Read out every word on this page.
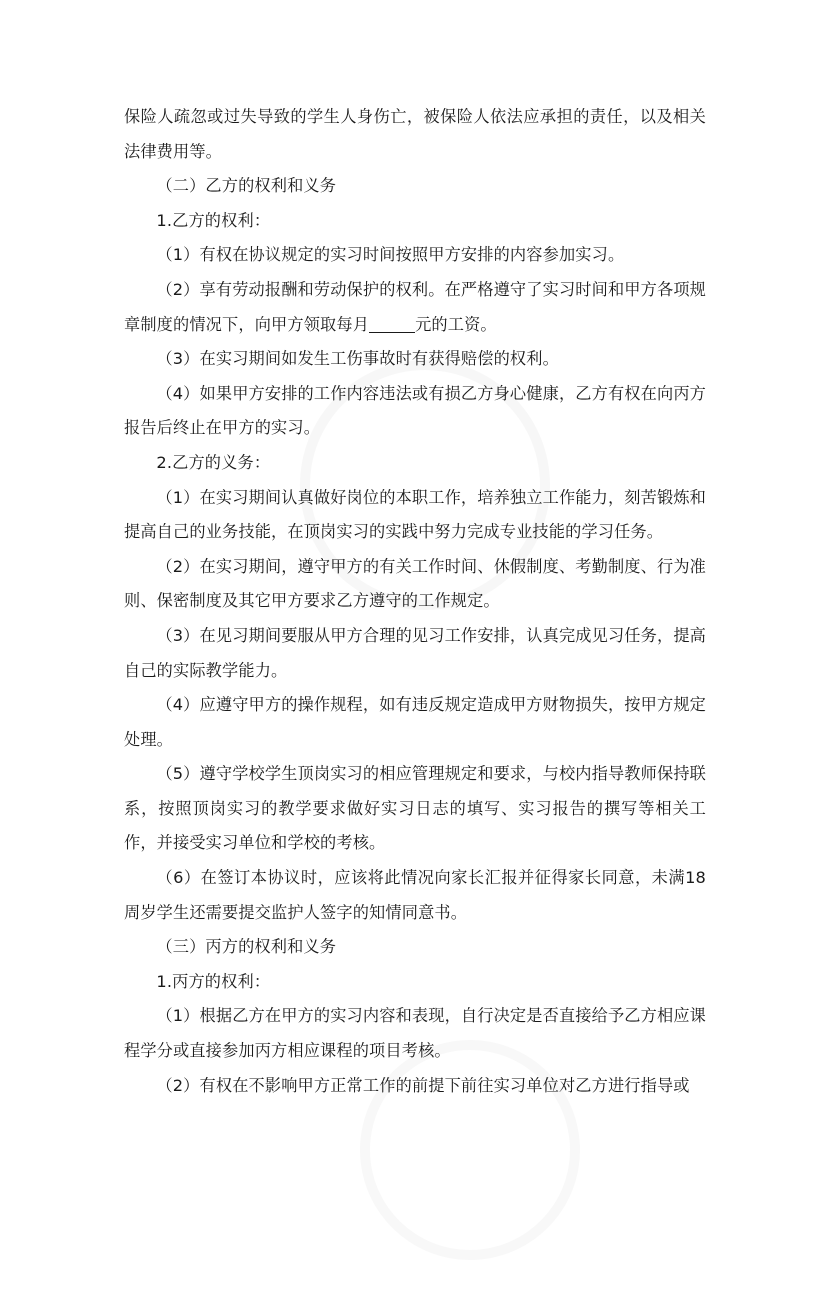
保险人疏忽或过失导致的学生人身伤亡，被保险人依法应承担的责任，以及相关法律费用等。

（二）乙方的权利和义务

1.乙方的权利：

（1）有权在协议规定的实习时间按照甲方安排的内容参加实习。

（2）享有劳动报酬和劳动保护的权利。在严格遵守了实习时间和甲方各项规章制度的情况下，向甲方领取每月	元的工资。

（3）在实习期间如发生工伤事故时有获得赔偿的权利。

（4）如果甲方安排的工作内容违法或有损乙方身心健康，乙方有权在向丙方报告后终止在甲方的实习。

2.乙方的义务：

（1）在实习期间认真做好岗位的本职工作，培养独立工作能力，刻苦锻炼和提高自己的业务技能，在顶岗实习的实践中努力完成专业技能的学习任务。

（2）在实习期间，遵守甲方的有关工作时间、休假制度、考勤制度、行为准则、保密制度及其它甲方要求乙方遵守的工作规定。

（3）在见习期间要服从甲方合理的见习工作安排，认真完成见习任务，提高自己的实际教学能力。

（4）应遵守甲方的操作规程，如有违反规定造成甲方财物损失，按甲方规定处理。

（5）遵守学校学生顶岗实习的相应管理规定和要求，与校内指导教师保持联系，按照顶岗实习的教学要求做好实习日志的填写、实习报告的撰写等相关工作，并接受实习单位和学校的考核。

（6）在签订本协议时，应该将此情况向家长汇报并征得家长同意，未满18周岁学生还需要提交监护人签字的知情同意书。

（三）丙方的权利和义务

1.丙方的权利：

（1）根据乙方在甲方的实习内容和表现，自行决定是否直接给予乙方相应课程学分或直接参加丙方相应课程的项目考核。

（2）有权在不影响甲方正常工作的前提下前往实习单位对乙方进行指导或
